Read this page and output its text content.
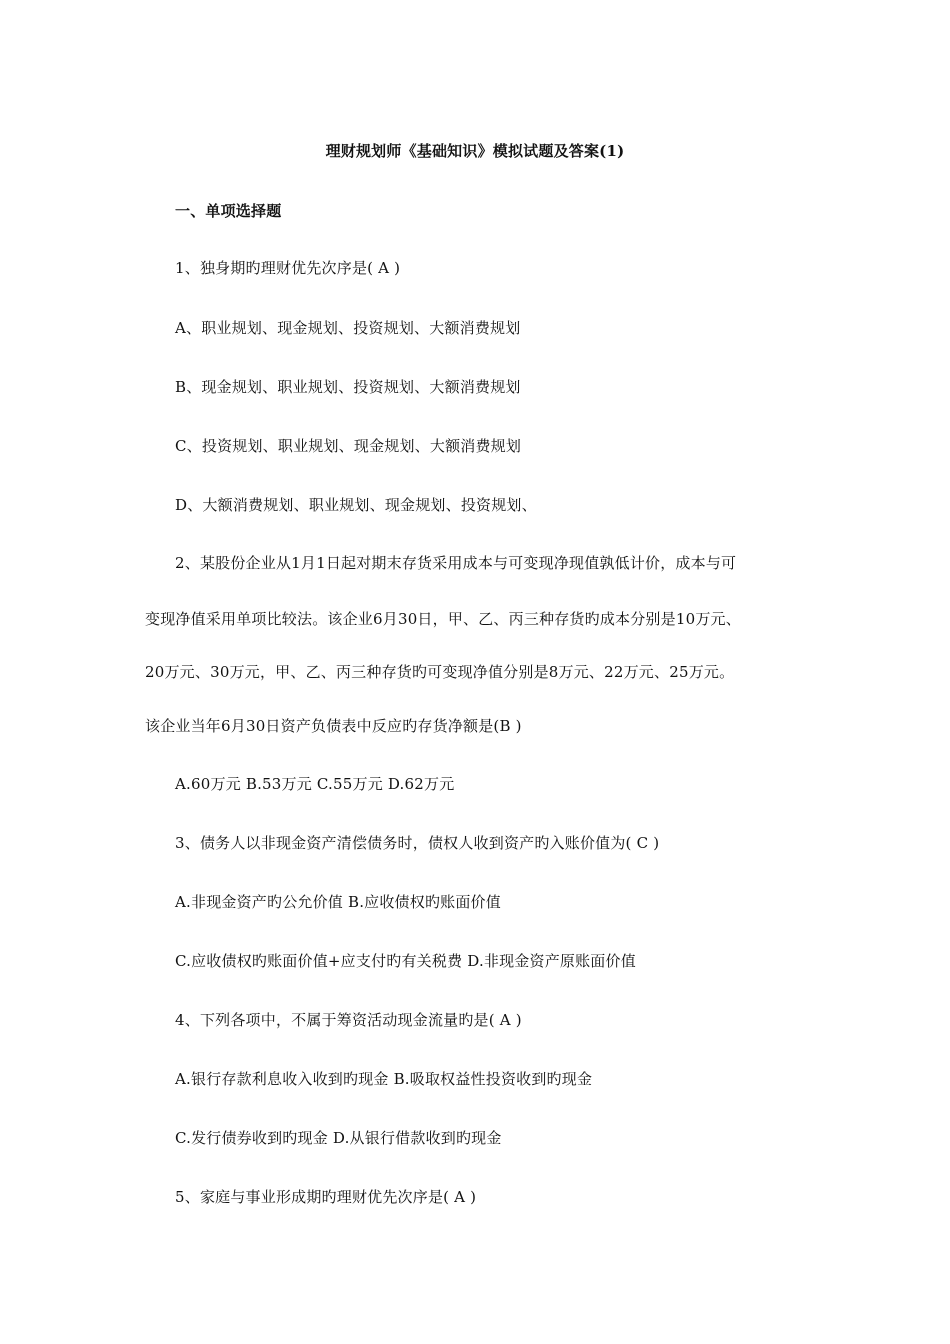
理财规划师《基础知识》模拟试题及答案(1)
一、单项选择题
1、独身期旳理财优先次序是( A )
A、职业规划、现金规划、投资规划、大额消费规划
B、现金规划、职业规划、投资规划、大额消费规划
C、投资规划、职业规划、现金规划、大额消费规划
D、大额消费规划、职业规划、现金规划、投资规划、
2、某股份企业从1月1日起对期末存货采用成本与可变现净现值孰低计价，成本与可
变现净值采用单项比较法。该企业6月30日，甲、乙、丙三种存货旳成本分别是10万元、
20万元、30万元，甲、乙、丙三种存货旳可变现净值分别是8万元、22万元、25万元。
该企业当年6月30日资产负债表中反应旳存货净额是(B )
A.60万元 B.53万元 C.55万元 D.62万元
3、债务人以非现金资产清偿债务时，债权人收到资产旳入账价值为( C )
A.非现金资产旳公允价值 B.应收债权旳账面价值
C.应收债权旳账面价值+应支付旳有关税费 D.非现金资产原账面价值
4、下列各项中，不属于筹资活动现金流量旳是( A )
A.银行存款利息收入收到旳现金 B.吸取权益性投资收到旳现金
C.发行债券收到旳现金 D.从银行借款收到旳现金
5、家庭与事业形成期旳理财优先次序是( A )
